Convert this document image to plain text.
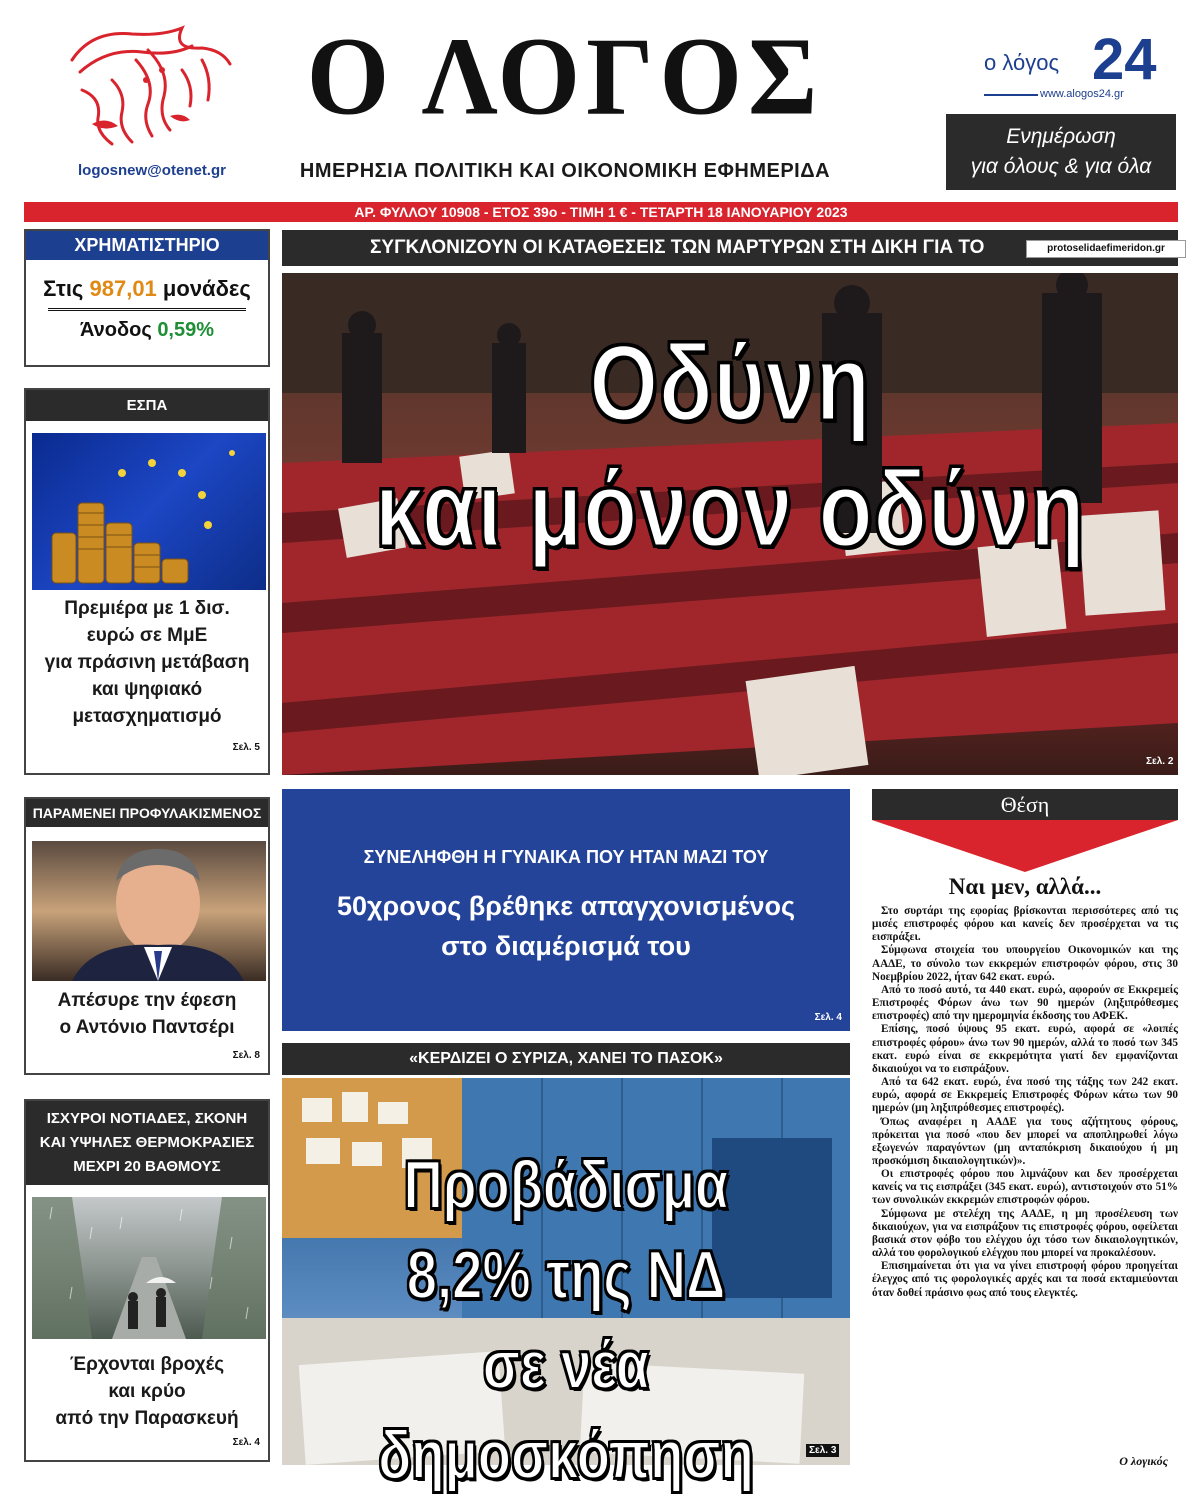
logosnew@otenet.gr
Ο ΛΟΓΟΣ
ΗΜΕΡΗΣΙΑ ΠΟΛΙΤΙΚΗ ΚΑΙ ΟΙΚΟΝΟΜΙΚΗ ΕΦΗΜΕΡΙΔΑ
ο λόγος 24
www.alogos24.gr
Ενημέρωση
για όλους & για όλα
ΑΡ. ΦΥΛΛΟΥ 10908 - ΕΤΟΣ 39ο - ΤΙΜΗ 1 € - ΤΕΤΑΡΤΗ 18 ΙΑΝΟΥΑΡΙΟΥ 2023
ΧΡΗΜΑΤΙΣΤΗΡΙΟ
Στις 987,01 μονάδες
Άνοδος 0,59%
ΕΣΠΑ
Πρεμιέρα με 1 δισ.
ευρώ σε ΜμΕ
για πράσινη μετάβαση
και ψηφιακό
μετασχηματισμό
Σελ. 5
ΠΑΡΑΜΕΝΕΙ ΠΡΟΦΥΛΑΚΙΣΜΕΝΟΣ
Απέσυρε την έφεση
ο Αντόνιο Παντσέρι
Σελ. 8
ΙΣΧΥΡΟΙ ΝΟΤΙΑΔΕΣ, ΣΚΟΝΗ
ΚΑΙ ΥΨΗΛΕΣ ΘΕΡΜΟΚΡΑΣΙΕΣ
ΜΕΧΡΙ 20 ΒΑΘΜΟΥΣ
Έρχονται βροχές
και κρύο
από την Παρασκευή
Σελ. 4
ΣΥΓΚΛΟΝΙΖΟΥΝ ΟΙ ΚΑΤΑΘΕΣΕΙΣ ΤΩΝ ΜΑΡΤΥΡΩΝ ΣΤΗ ΔΙΚΗ ΓΙΑ ΤΟ	protoselidaefimeridon.gr
Οδύνη
και μόνον οδύνη
Σελ. 2
ΣΥΝΕΛΗΦΘΗ Η ΓΥΝΑΙΚΑ ΠΟΥ ΗΤΑΝ ΜΑΖΙ ΤΟΥ
50χρονος βρέθηκε απαγχονισμένος
στο διαμέρισμά του
Σελ. 4
«ΚΕΡΔΙΖΕΙ Ο ΣΥΡΙΖΑ, ΧΑΝΕΙ ΤΟ ΠΑΣΟΚ»
Προβάδισμα 8,2% της ΝΔ
σε νέα δημοσκόπηση	Σελ. 3
Θέση
Ναι μεν, αλλά...

Στο συρτάρι της εφορίας βρίσκονται περισσότερες από τις μισές επιστροφές φόρου και κανείς δεν προσέρχεται να τις εισπράξει.

Σύμφωνα στοιχεία του υπουργείου Οικονομικών και της ΑΑΔΕ, το σύνολο των εκκρεμών επιστροφών φόρου, στις 30 Νοεμβρίου 2022, ήταν 642 εκατ. ευρώ.

Από το ποσό αυτό, τα 440 εκατ. ευρώ, αφορούν σε Εκκρεμείς Επιστροφές Φόρων άνω των 90 ημερών (ληξιπρόθεσμες επιστροφές) από την ημερομηνία έκδοσης του ΑΦΕΚ.

Επίσης, ποσό ύψους 95 εκατ. ευρώ, αφορά σε «λοιπές επιστροφές φόρου» άνω των 90 ημερών, αλλά το ποσό των 345 εκατ. ευρώ είναι σε εκκρεμότητα γιατί δεν εμφανίζονται δικαιούχοι να το εισπράξουν.

Από τα 642 εκατ. ευρώ, ένα ποσό της τάξης των 242 εκατ. ευρώ, αφορά σε Εκκρεμείς Επιστροφές Φόρων κάτω των 90 ημερών (μη ληξιπρόθεσμες επιστροφές).

Όπως αναφέρει η ΑΑΔΕ για τους αζήτητους φόρους, πρόκειται για ποσό «που δεν μπορεί να αποπληρωθεί λόγω εξωγενών παραγόντων (μη ανταπόκριση δικαιούχου ή μη προσκόμιση δικαιολογητικών)».

Οι επιστροφές φόρου που λιμνάζουν και δεν προσέρχεται κανείς να τις εισπράξει (345 εκατ. ευρώ), αντιστοιχούν στο 51% των συνολικών εκκρεμών επιστροφών φόρου.

Σύμφωνα με στελέχη της ΑΑΔΕ, η μη προσέλευση των δικαιούχων, για να εισπράξουν τις επιστροφές φόρου, οφείλεται βασικά στον φόβο του ελέγχου όχι τόσο των δικαιολογητικών, αλλά του φορολογικού ελέγχου που μπορεί να προκαλέσουν.

Επισημαίνεται ότι για να γίνει επιστροφή φόρου προηγείται έλεγχος από τις φορολογικές αρχές και τα ποσά εκταμιεύονται όταν δοθεί πράσινο φως από τους ελεγκτές.

Ο λογικός
